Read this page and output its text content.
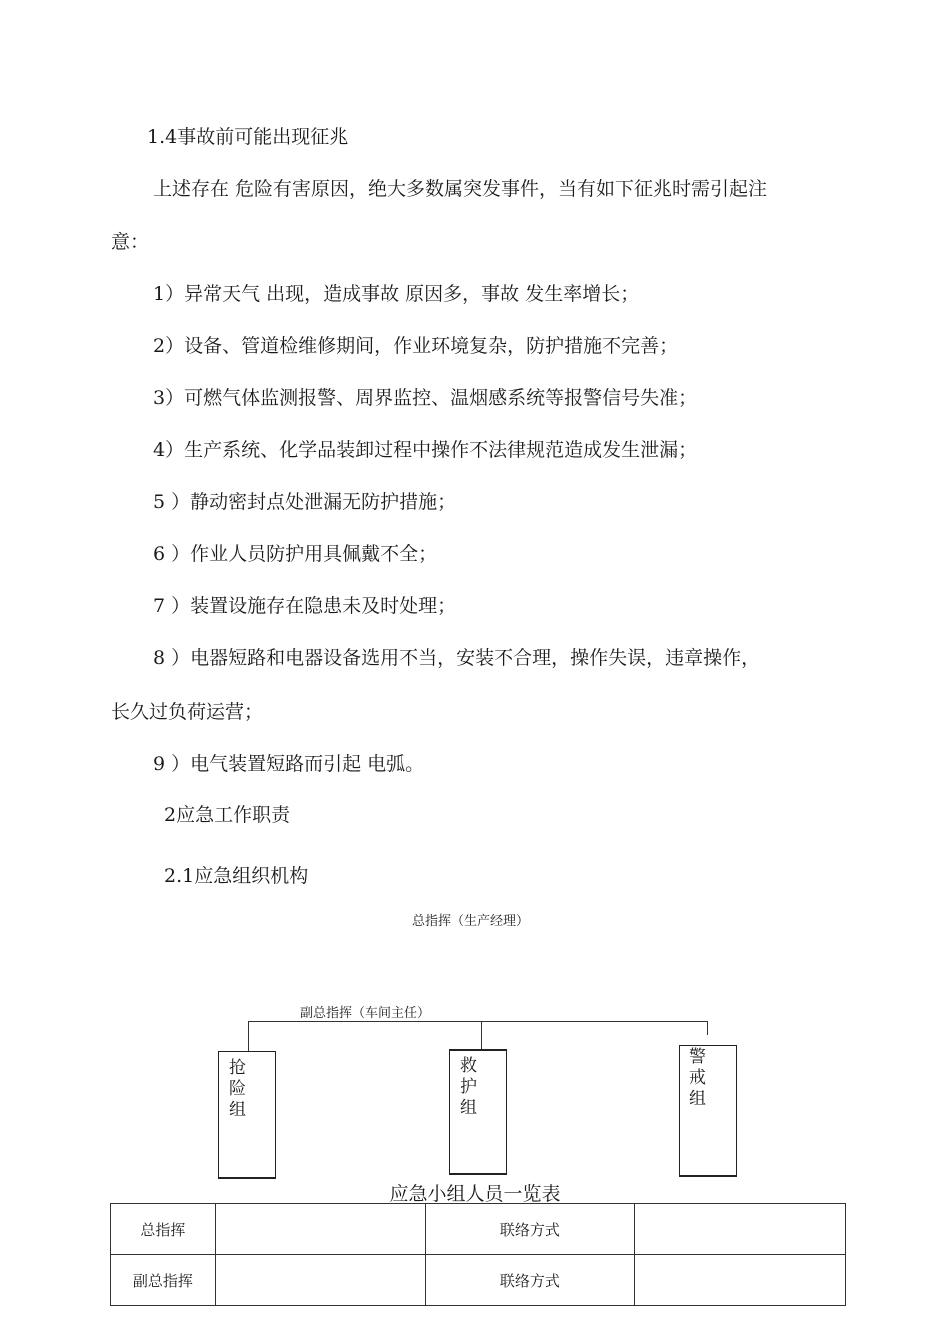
1.4事故前可能出现征兆
上述存在 危险有害原因，绝大多数属突发事件，当有如下征兆时需引起注
意：
1）异常天气 出现，造成事故 原因多，事故 发生率增长；
2）设备、管道检维修期间，作业环境复杂，防护措施不完善；
3）可燃气体监测报警、周界监控、温烟感系统等报警信号失准；
4）生产系统、化学品装卸过程中操作不法律规范造成发生泄漏；
5 ）静动密封点处泄漏无防护措施；
6 ）作业人员防护用具佩戴不全；
7 ）装置设施存在隐患未及时处理；
8 ）电器短路和电器设备选用不当，安装不合理，操作失误，违章操作，
长久过负荷运营；
9 ）电气装置短路而引起 电弧。
2应急工作职责
2.1应急组织机构
总指挥（生产经理）
副总指挥（车间主任）
抢险组
救护组
警戒组
应急小组人员一览表
总指挥		联络方式	
副总指挥		联络方式	
